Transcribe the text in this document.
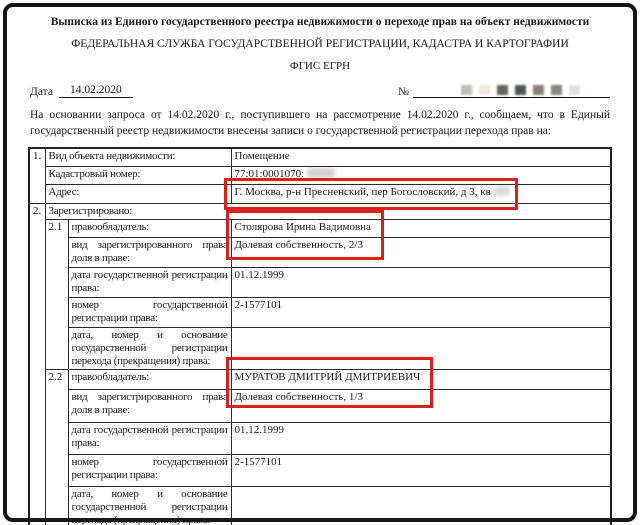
Выписка из Единого государственного реестра недвижимости о переходе прав на объект недвижимости
ФЕДЕРАЛЬНАЯ СЛУЖБА ГОСУДАРСТВЕННОЙ РЕГИСТРАЦИИ, КАДАСТРА И КАРТОГРАФИИ
ФГИС ЕГРН
Дата	14.02.2020	№
На основании запроса от 14.02.2020 г., поступившего на рассмотрение 14.02.2020 г., сообщаем, что в Единый государственный реестр недвижимости внесены записи о государственной регистрации перехода прав на:
1.	Вид объекта недвижимости:		Помещение
	Кадастровый номер:		77:01:0001070:
	Адрес:		Г. Москва, р-н Пресненский, пер Богословский, д 3, кв
2.	Зарегистрировано:		
	2.1	правообладатель:	Столярова Ирина Вадимовна
		вид зарегистрированного права доля в праве:	Долевая собственность, 2/3
		дата государственной регистрации права:	01.12.1999
		номер государственной регистрации права:	2-1577101
		дата, номер и основание государственной регистрации перехода (прекращения) права:	
	2.2	правообладатель:	МУРАТОВ ДМИТРИЙ ДМИТРИЕВИЧ
		вид зарегистрированного права доля в праве:	Долевая собственность, 1/3
		дата государственной регистрации права:	01.12.1999
		номер государственной регистрации права:	2-1577101
		дата, номер и основание государственной регистрации перехода (прекращения) права:	
